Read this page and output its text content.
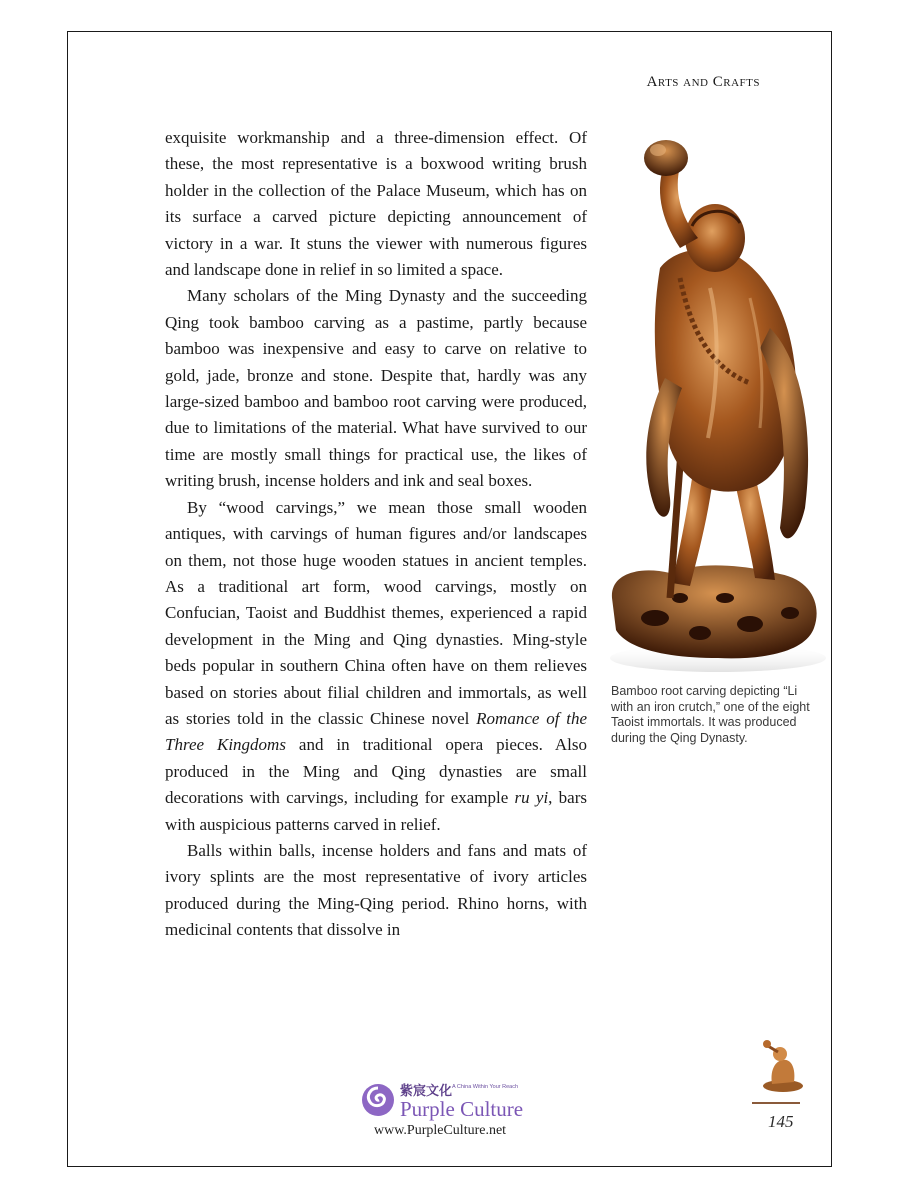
Arts and Crafts

exquisite workmanship and a three-dimension effect. Of these, the most representative is a boxwood writing brush holder in the collection of the Palace Museum, which has on its surface a carved picture depicting announcement of victory in a war. It stuns the viewer with numerous figures and landscape done in relief in so limited a space.

Many scholars of the Ming Dynasty and the succeeding Qing took bamboo carving as a pastime, partly because bamboo was inexpensive and easy to carve on relative to gold, jade, bronze and stone. Despite that, hardly was any large-sized bamboo and bamboo root carving were produced, due to limitations of the material. What have survived to our time are mostly small things for practical use, the likes of writing brush, incense holders and ink and seal boxes.

By “wood carvings,” we mean those small wooden antiques, with carvings of human figures and/or landscapes on them, not those huge wooden statues in ancient temples. As a traditional art form, wood carvings, mostly on Confucian, Taoist and Buddhist themes, experienced a rapid development in the Ming and Qing dynasties. Ming-style beds popular in southern China often have on them relieves based on stories about filial children and immortals, as well as stories told in the classic Chinese novel Romance of the Three Kingdoms and in traditional opera pieces. Also produced in the Ming and Qing dynasties are small decorations with carvings, including for example ru yi, bars with auspicious patterns carved in relief.

Balls within balls, incense holders and fans and mats of ivory splints are the most representative of ivory articles produced during the Ming-Qing period. Rhino horns, with medicinal contents that dissolve in

Bamboo root carving depicting “Li with an iron crutch,” one of the eight Taoist immortals. It was produced during the Qing Dynasty.
紫宸文化 A China Within Your Reach
Purple Culture
www.PurpleCulture.net	145
